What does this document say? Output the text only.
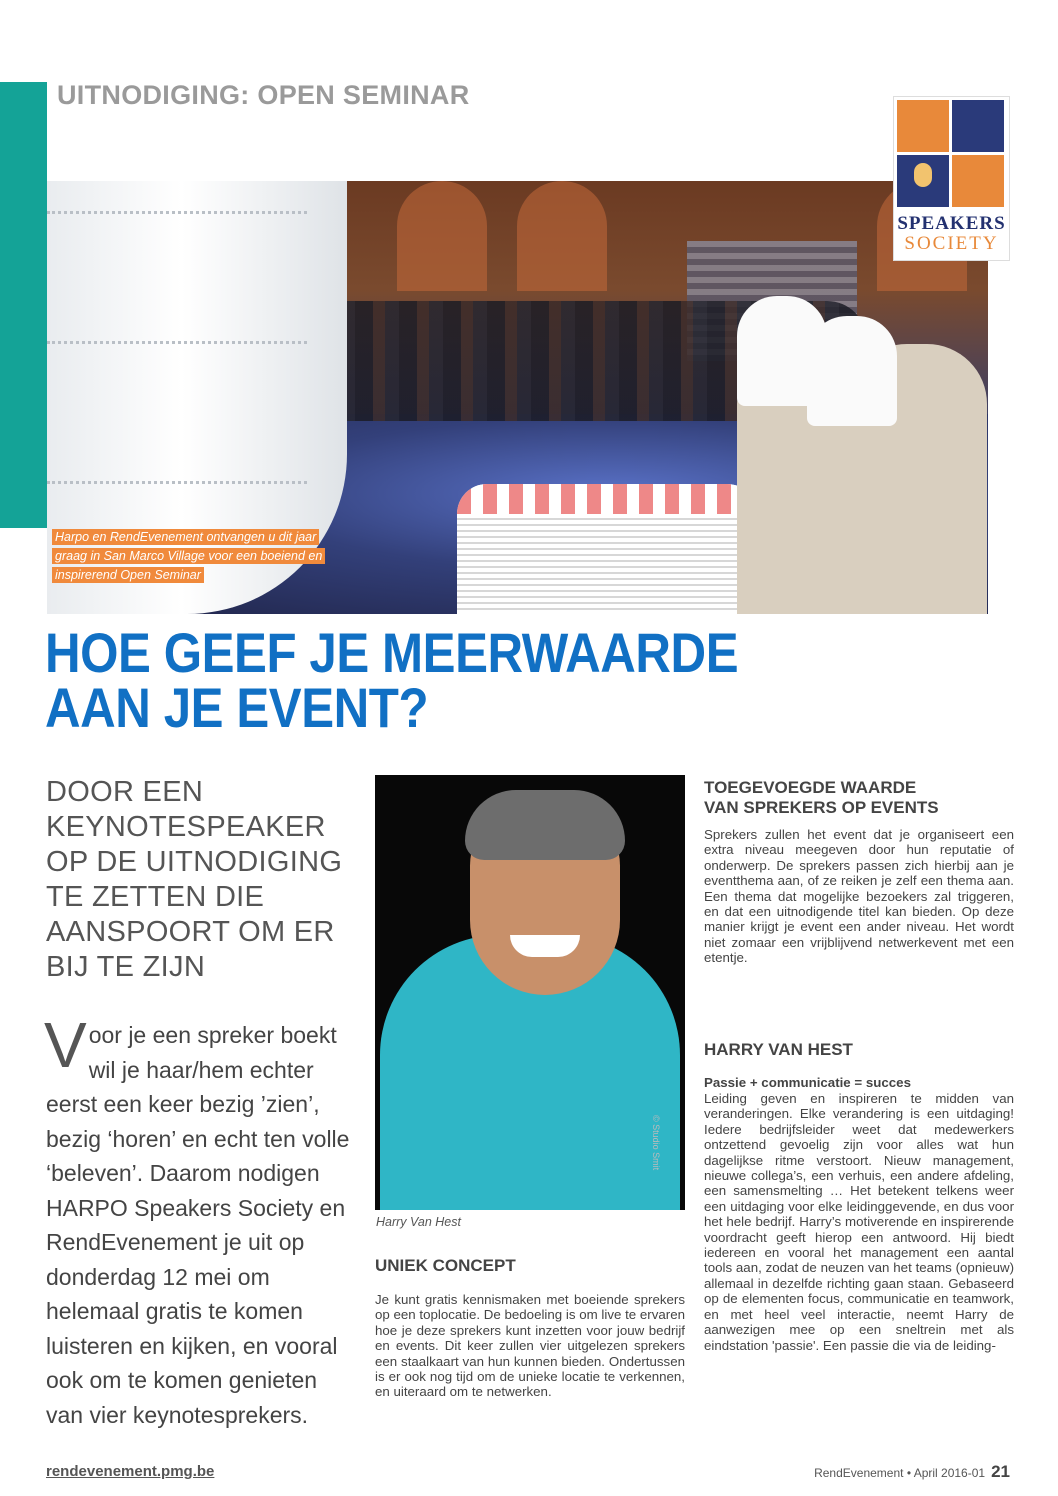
UITNODIGING: OPEN SEMINAR
Harpo en RendEvenement ontvangen u dit jaar graag in San Marco Village voor een boeiend en inspirerend Open Seminar
SPEAKERS
SOCIETY
HOE GEEF JE MEERWAARDE
AAN JE EVENT?
DOOR EEN KEYNOTESPEAKER OP DE UITNODIGING TE ZETTEN DIE AANSPOORT OM ER BIJ TE ZIJN
Voor je een spreker boekt wil je haar/hem echter eerst een keer bezig ’zien’, bezig ‘horen’ en echt ten volle ‘beleven’. Daarom nodigen HARPO Speakers Society en RendEvenement je uit op donderdag 12 mei om helemaal gratis te komen luisteren en kijken, en vooral ook om te komen genieten van vier keynotesprekers.
© Studio Smit
Harry Van Hest
UNIEK CONCEPT

Je kunt gratis kennismaken met boeiende sprekers op een toplocatie. De bedoeling is om live te ervaren hoe je deze sprekers kunt inzetten voor jouw bedrijf en events. Dit keer zullen vier uitgelezen sprekers een staalkaart van hun kunnen bieden. Ondertussen is er ook nog tijd om de unieke locatie te verkennen, en uiteraard om te netwerken.

TOEGEVOEGDE WAARDE
VAN SPREKERS OP EVENTS

Sprekers zullen het event dat je organiseert een extra niveau meegeven door hun reputatie of onderwerp. De sprekers passen zich hierbij aan je eventthema aan, of ze reiken je zelf een thema aan. Een thema dat mogelijke bezoekers zal triggeren, en dat een uitnodigende titel kan bieden. Op deze manier krijgt je event een ander niveau. Het wordt niet zomaar een vrijblijvend netwerkevent met een etentje.

HARRY VAN HEST
Passie + communicatie = succes

Leiding geven en inspireren te midden van veranderingen. Elke verandering is een uitdaging! Iedere bedrijfsleider weet dat medewerkers ontzettend gevoelig zijn voor alles wat hun dagelijkse ritme verstoort. Nieuw management, nieuwe collega’s, een verhuis, een andere afdeling, een samensmelting … Het betekent telkens weer een uitdaging voor elke leidinggevende, en dus voor het hele bedrijf. Harry’s motiverende en inspirerende voordracht geeft hierop een antwoord. Hij biedt iedereen en vooral het management een aantal tools aan, zodat de neuzen van het teams (opnieuw) allemaal in dezelfde richting gaan staan. Gebaseerd op de elementen focus, communicatie en teamwork, en met heel veel interactie, neemt Harry de aanwezigen mee op een sneltrein met als eindstation 'passie'. Een passie die via de leiding-

rendevenement.pmg.be	RendEvenement • April 2016-01 21
